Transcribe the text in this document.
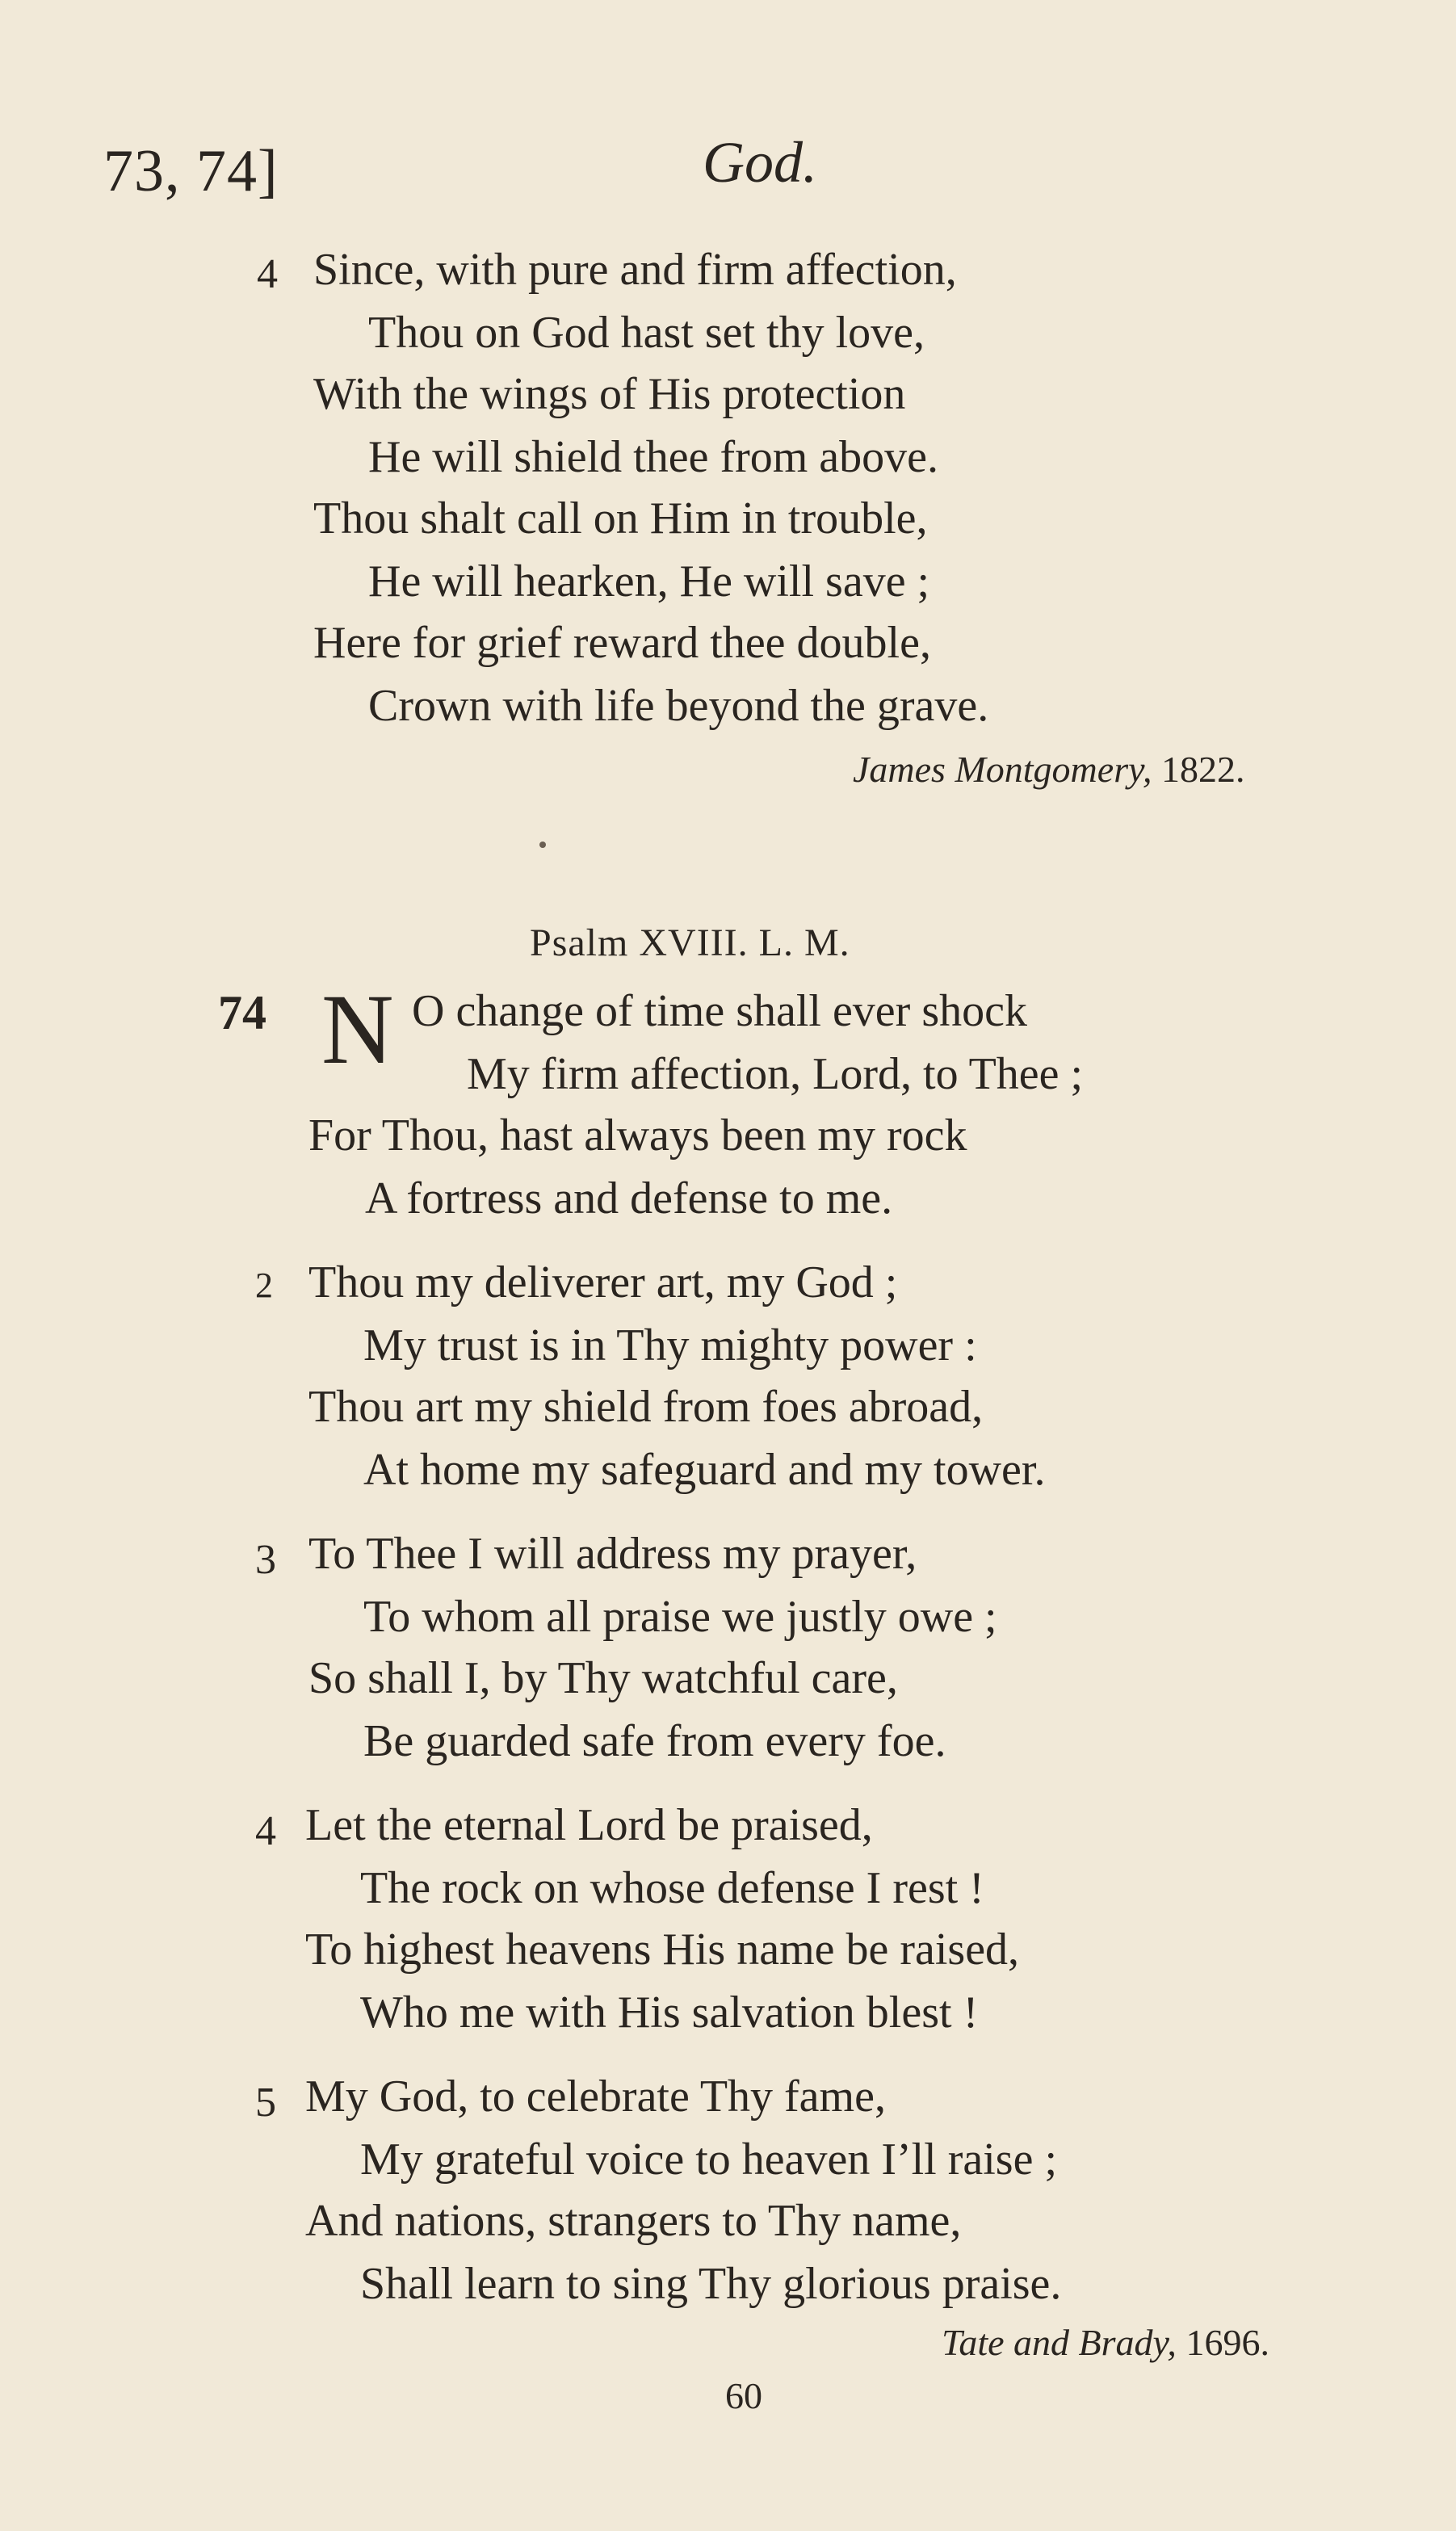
73, 74]	God.
4 Since, with pure and firm affection,
Thou on God hast set thy love,
With the wings of His protection
He will shield thee from above.
Thou shalt call on Him in trouble,
He will hearken, He will save ;
Here for grief reward thee double,
Crown with life beyond the grave.
James Montgomery, 1822.
Psalm XVIII. L. M.
74 N O change of time shall ever shock
My firm affection, Lord, to Thee ;
For Thou, hast always been my rock
A fortress and defense to me.
2 Thou my deliverer art, my God ;
My trust is in Thy mighty power :
Thou art my shield from foes abroad,
At home my safeguard and my tower.
3 To Thee I will address my prayer,
To whom all praise we justly owe ;
So shall I, by Thy watchful care,
Be guarded safe from every foe.
4 Let the eternal Lord be praised,
The rock on whose defense I rest !
To highest heavens His name be raised,
Who me with His salvation blest !
5 My God, to celebrate Thy fame,
My grateful voice to heaven I’ll raise ;
And nations, strangers to Thy name,
Shall learn to sing Thy glorious praise.
Tate and Brady, 1696.
60
